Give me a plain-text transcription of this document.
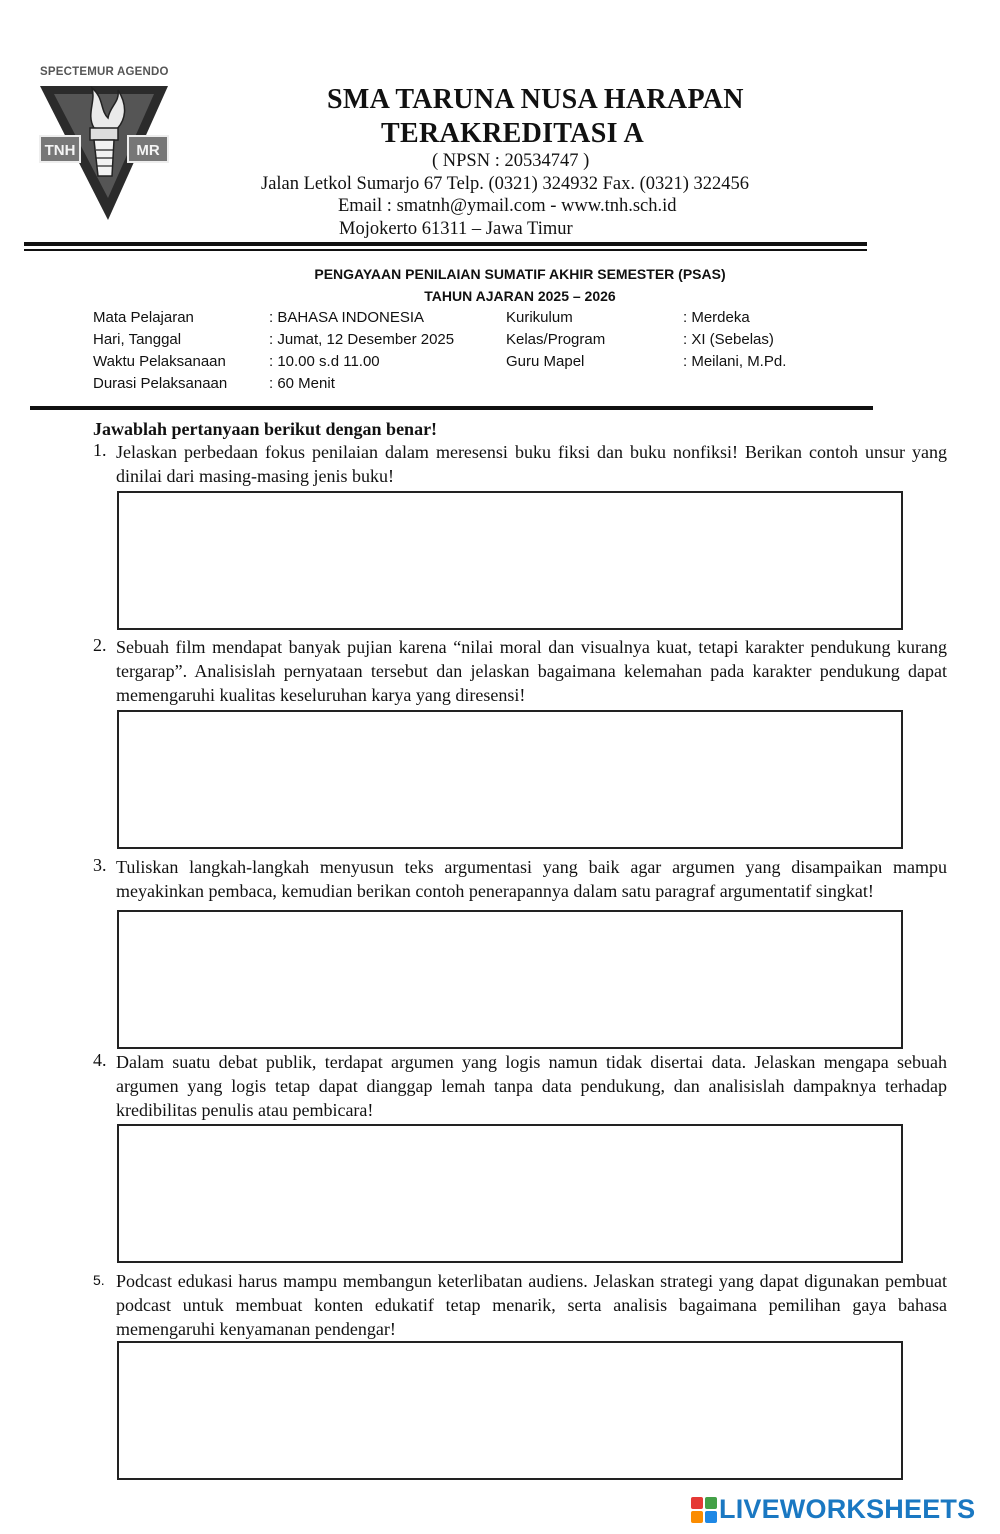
SPECTEMUR AGENDO
TNH	MR
SMA TARUNA NUSA HARAPAN
TERAKREDITASI A
( NPSN : 20534747 )
Jalan Letkol Sumarjo 67 Telp. (0321) 324932 Fax. (0321) 322456
Email : smatnh@ymail.com - www.tnh.sch.id
Mojokerto 61311 – Jawa Timur
PENGAYAAN PENILAIAN SUMATIF AKHIR SEMESTER (PSAS)
TAHUN AJARAN 2025 – 2026
Mata Pelajaran	: BAHASA INDONESIA	Kurikulum	: Merdeka
Hari, Tanggal	: Jumat, 12 Desember 2025	Kelas/Program	: XI (Sebelas)
Waktu Pelaksanaan	: 10.00 s.d 11.00	Guru Mapel	: Meilani, M.Pd.
Durasi Pelaksanaan	: 60 Menit
Jawablah pertanyaan berikut dengan benar!
1. Jelaskan perbedaan fokus penilaian dalam meresensi buku fiksi dan buku nonfiksi! Berikan contoh unsur yang dinilai dari masing-masing jenis buku!
2. Sebuah film mendapat banyak pujian karena “nilai moral dan visualnya kuat, tetapi karakter pendukung kurang tergarap”. Analisislah pernyataan tersebut dan jelaskan bagaimana kelemahan pada karakter pendukung dapat memengaruhi kualitas keseluruhan karya yang diresensi!
3. Tuliskan langkah-langkah menyusun teks argumentasi yang baik agar argumen yang disampaikan mampu meyakinkan pembaca, kemudian berikan contoh penerapannya dalam satu paragraf argumentatif singkat!
4. Dalam suatu debat publik, terdapat argumen yang logis namun tidak disertai data. Jelaskan mengapa sebuah argumen yang logis tetap dapat dianggap lemah tanpa data pendukung, dan analisislah dampaknya terhadap kredibilitas penulis atau pembicara!
5. Podcast edukasi harus mampu membangun keterlibatan audiens. Jelaskan strategi yang dapat digunakan pembuat podcast untuk membuat konten edukatif tetap menarik, serta analisis bagaimana pemilihan gaya bahasa memengaruhi kenyamanan pendengar!
LIVEWORKSHEETS
